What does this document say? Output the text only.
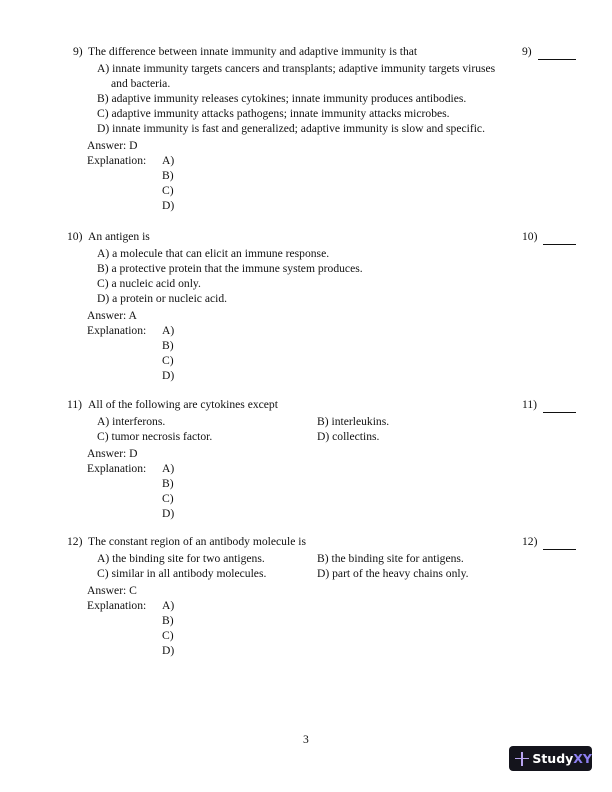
9) The difference between innate immunity and adaptive immunity is that	9)
A) innate immunity targets cancers and transplants; adaptive immunity targets viruses
and bacteria.
B) adaptive immunity releases cytokines; innate immunity produces antibodies.
C) adaptive immunity attacks pathogens; innate immunity attacks microbes.
D) innate immunity is fast and generalized; adaptive immunity is slow and specific.
Answer: D
Explanation: A)
B)
C)
D)
10) An antigen is	10)
A) a molecule that can elicit an immune response.
B) a protective protein that the immune system produces.
C) a nucleic acid only.
D) a protein or nucleic acid.
Answer: A
Explanation: A)
B)
C)
D)
11) All of the following are cytokines except	11)
A) interferons.	B) interleukins.
C) tumor necrosis factor.	D) collectins.
Answer: D
Explanation: A)
B)
C)
D)
12) The constant region of an antibody molecule is	12)
A) the binding site for two antigens.	B) the binding site for antigens.
C) similar in all antibody molecules.	D) part of the heavy chains only.
Answer: C
Explanation: A)
B)
C)
D)
3
Study XY
